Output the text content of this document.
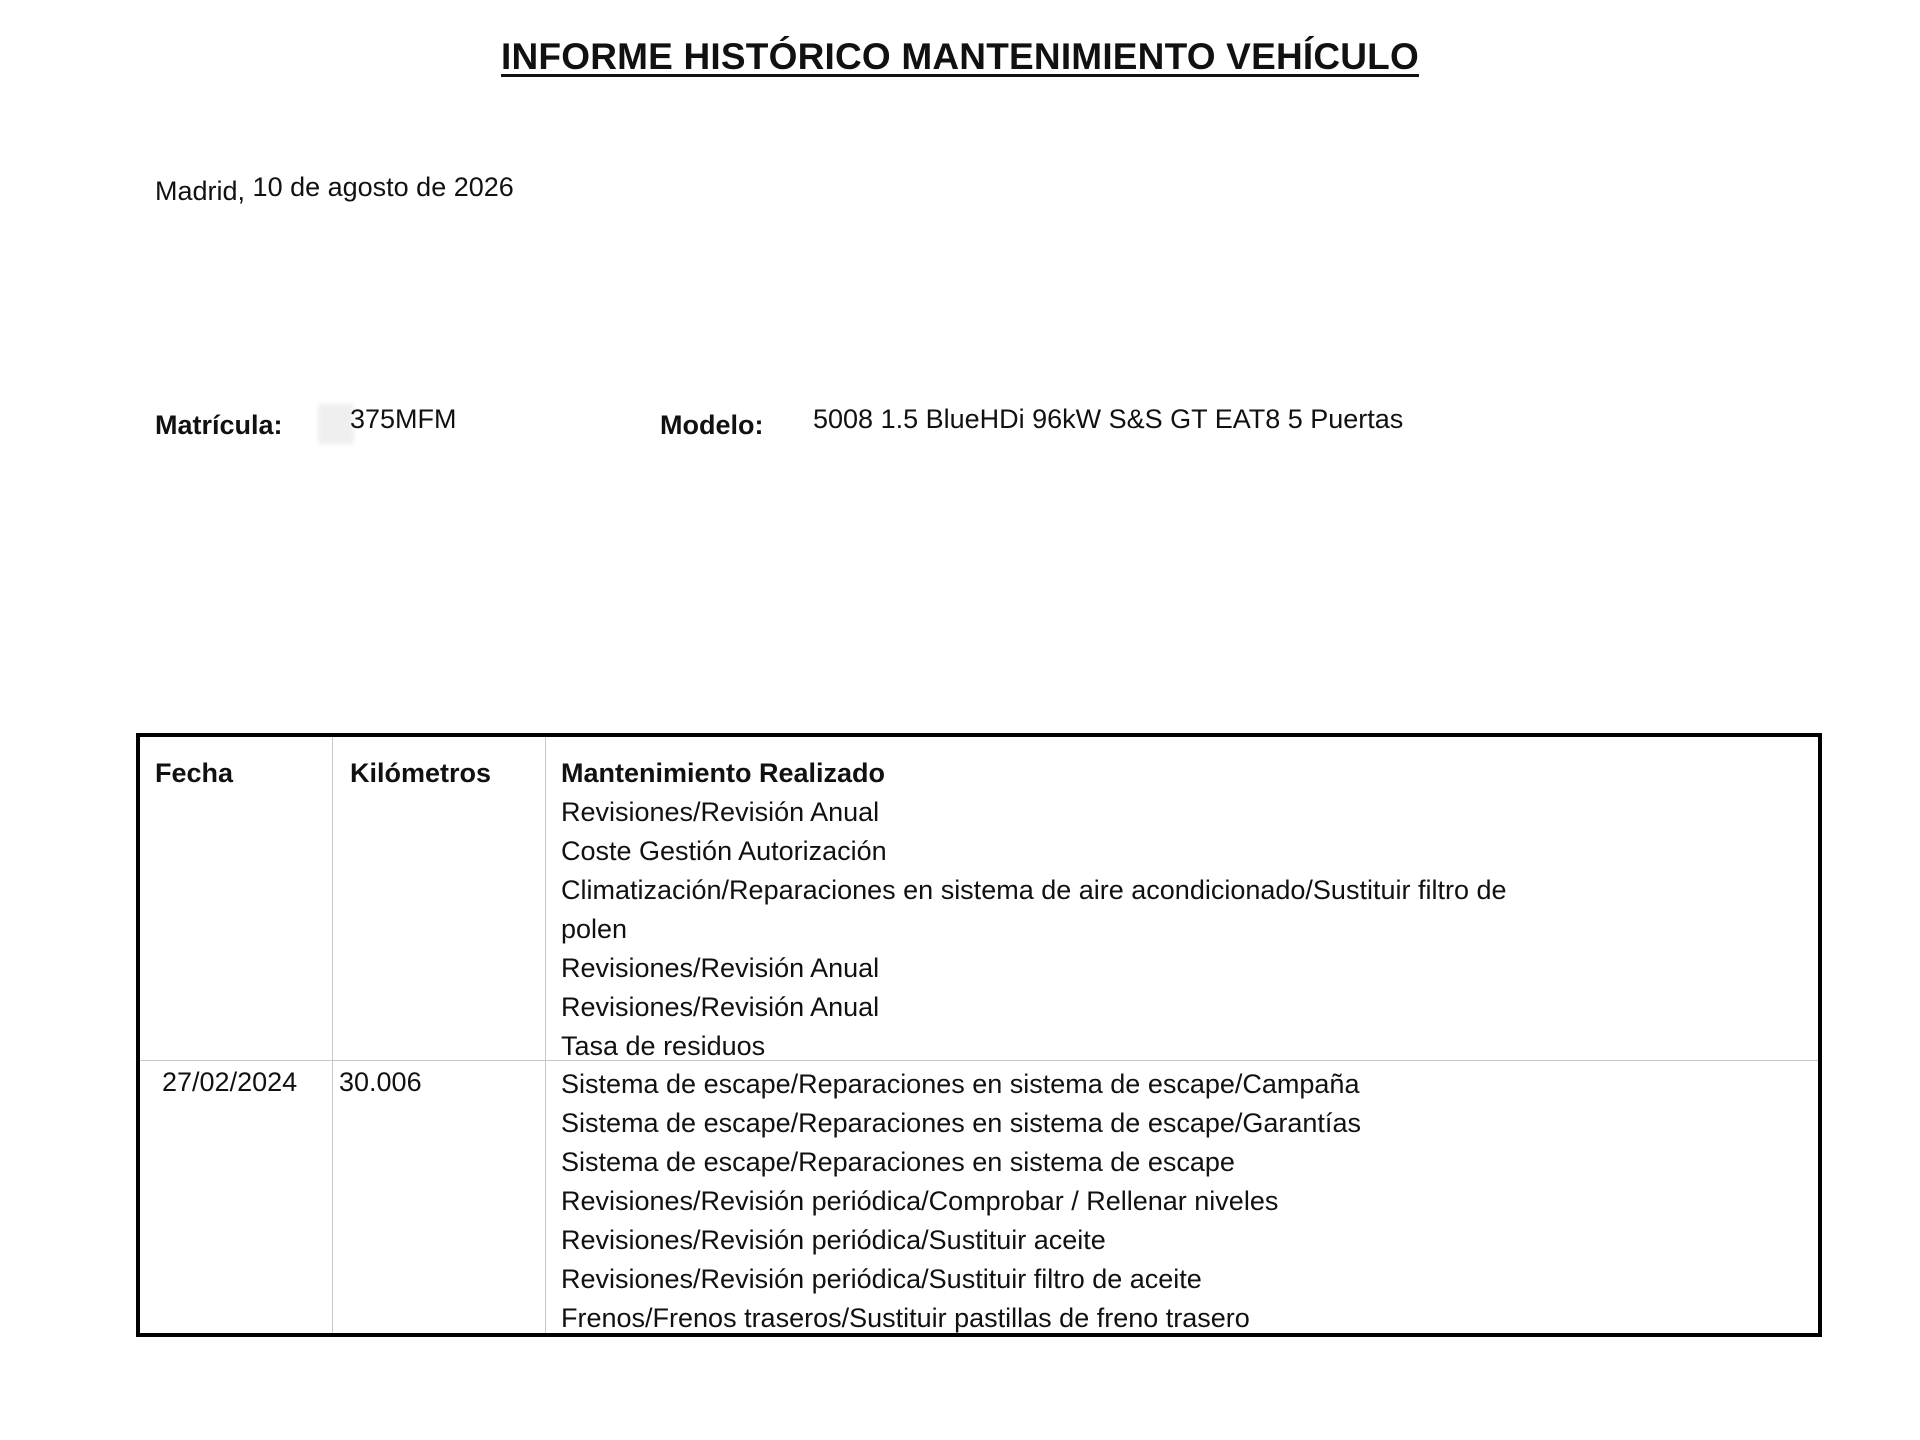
INFORME HISTÓRICO MANTENIMIENTO VEHÍCULO
Madrid, 10 de agosto de 2026
Matrícula: 375MFM	Modelo: 5008 1.5 BlueHDi 96kW S&S GT EAT8 5 Puertas
Fecha	Kilómetros	Mantenimiento Realizado
Revisiones/Revisión Anual
Coste Gestión Autorización
Climatización/Reparaciones en sistema de aire acondicionado/Sustituir filtro de
polen
Revisiones/Revisión Anual
Revisiones/Revisión Anual
Tasa de residuos
27/02/2024 30.006	Sistema de escape/Reparaciones en sistema de escape/Campaña
Sistema de escape/Reparaciones en sistema de escape/Garantías
Sistema de escape/Reparaciones en sistema de escape
Revisiones/Revisión periódica/Comprobar / Rellenar niveles
Revisiones/Revisión periódica/Sustituir aceite
Revisiones/Revisión periódica/Sustituir filtro de aceite
Frenos/Frenos traseros/Sustituir pastillas de freno trasero
